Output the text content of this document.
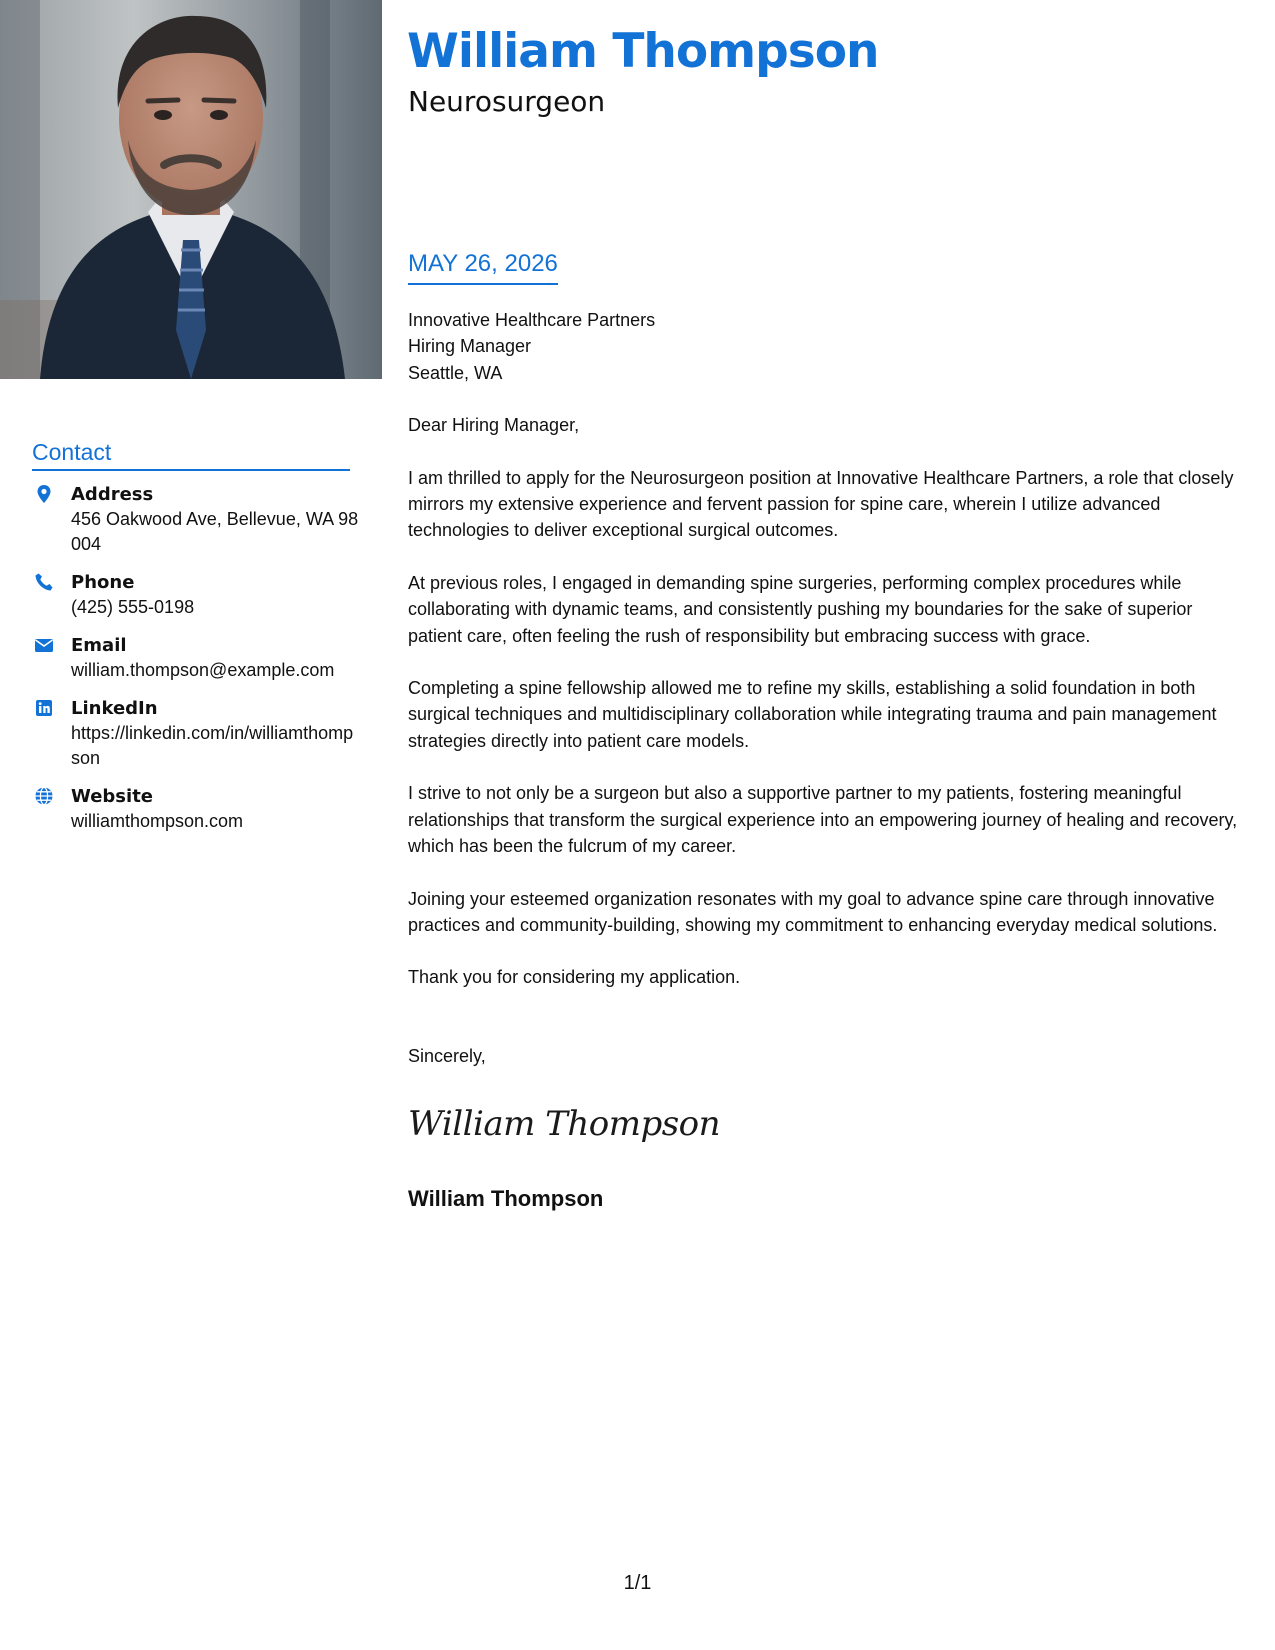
William Thompson
Neurosurgeon
Contact
Address
456 Oakwood Ave, Bellevue, WA 98004
Phone
(425) 555-0198
Email
william.thompson@example.com
LinkedIn
https://linkedin.com/in/williamthompson
Website
williamthompson.com
MAY 26, 2026

Innovative Healthcare Partners

Hiring Manager

Seattle, WA

Dear Hiring Manager,

I am thrilled to apply for the Neurosurgeon position at Innovative Healthcare Partners, a role that closely mirrors my extensive experience and fervent passion for spine care, wherein I utilize advanced technologies to deliver exceptional surgical outcomes.

At previous roles, I engaged in demanding spine surgeries, performing complex procedures while collaborating with dynamic teams, and consistently pushing my boundaries for the sake of superior patient care, often feeling the rush of responsibility but embracing success with grace.

Completing a spine fellowship allowed me to refine my skills, establishing a solid foundation in both surgical techniques and multidisciplinary collaboration while integrating trauma and pain management strategies directly into patient care models.

I strive to not only be a surgeon but also a supportive partner to my patients, fostering meaningful relationships that transform the surgical experience into an empowering journey of healing and recovery, which has been the fulcrum of my career.

Joining your esteemed organization resonates with my goal to advance spine care through innovative practices and community-building, showing my commitment to enhancing everyday medical solutions.

Thank you for considering my application.

Sincerely,

William Thompson
William Thompson
1/1
